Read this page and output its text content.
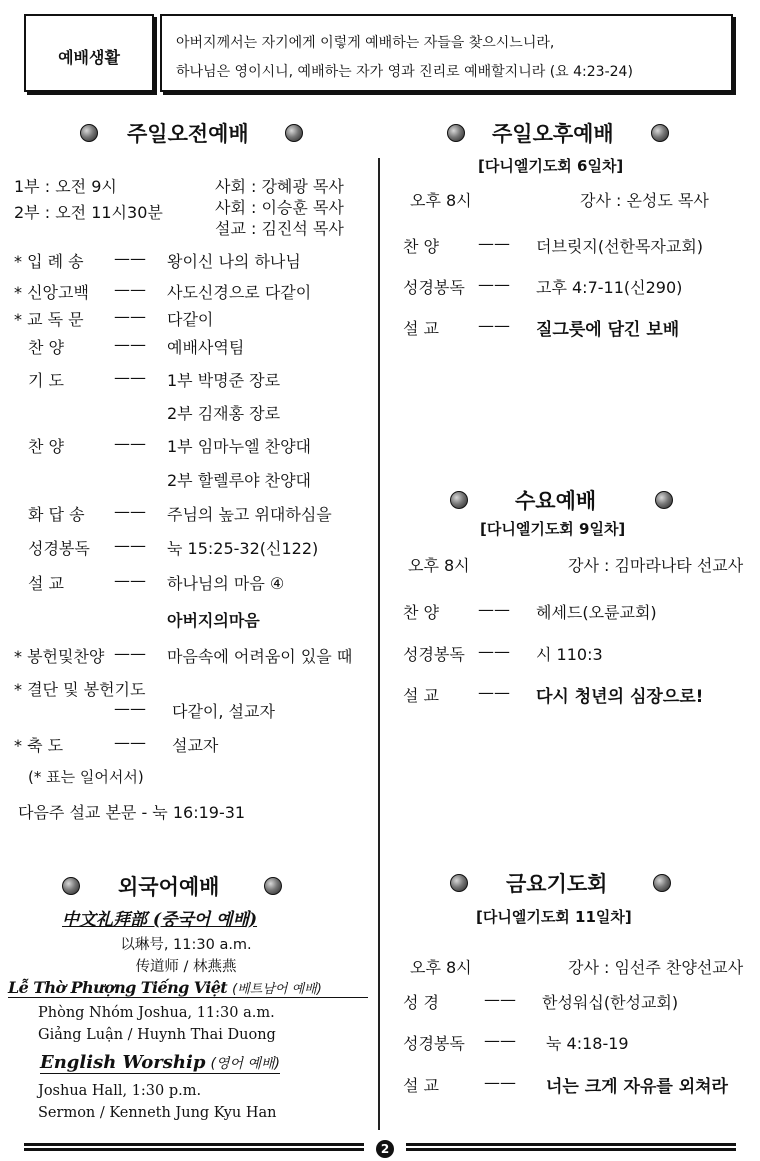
예배생활
아버지께서는 자기에게 이렇게 예배하는 자들을 찾으시느니라,
하나님은 영이시니, 예배하는 자가 영과 진리로 예배할지니라 (요 4:23-24)
주일오전예배
1부 : 오전 9시
2부 : 오전 11시30분
사회 : 강혜광 목사
사회 : 이승훈 목사
설교 : 김진석 목사
* 입 례 송 —— 왕이신 나의 하나님
* 신앙고백 —— 사도신경으로 다같이
* 교 독 문 —— 다같이
찬 양	—— 예배사역팀
기 도	—— 1부 박명준 장로
2부 김재홍 장로
찬 양	—— 1부 임마누엘 찬양대
2부 할렐루야 찬양대
화 답 송 —— 주님의 높고 위대하심을
성경봉독 —— 눅 15:25-32(신122)
설 교	—— 하나님의 마음 ④
아버지의마음
* 봉헌및찬양 —— 마음속에 어려움이 있을 때
* 결단 및 봉헌기도
—— 다같이, 설교자
* 축 도	—— 설교자
(* 표는 일어서서)
다음주 설교 본문 - 눅 16:19-31
외국어예배
中文礼拜部 (중국어 예배)
以琳号, 11:30 a.m.
传道师 / 林燕燕
Lễ Thờ Phượng Tiếng Việt (베트남어 예배)
Phòng Nhóm Joshua, 11:30 a.m.
Giảng Luận / Huynh Thai Duong
English Worship (영어 예배)
Joshua Hall, 1:30 p.m.
Sermon / Kenneth Jung Kyu Han
주일오후예배
[다니엘기도회 6일차]
오후 8시	강사 : 온성도 목사
찬 양 —— 더브릿지(선한목자교회)
성경봉독 —— 고후 4:7-11(신290)
설 교 —— 질그릇에 담긴 보배
수요예배
[다니엘기도회 9일차]
오후 8시	강사 : 김마라나타 선교사
찬 양 —— 헤세드(오륜교회)
성경봉독 —— 시 110:3
설 교 —— 다시 청년의 심장으로!
금요기도회
[다니엘기도회 11일차]
오후 8시	강사 : 임선주 찬양선교사
성 경	—— 한성워십(한성교회)
성경봉독 —— 눅 4:18-19
설 교	—— 너는 크게 자유를 외쳐라
2
